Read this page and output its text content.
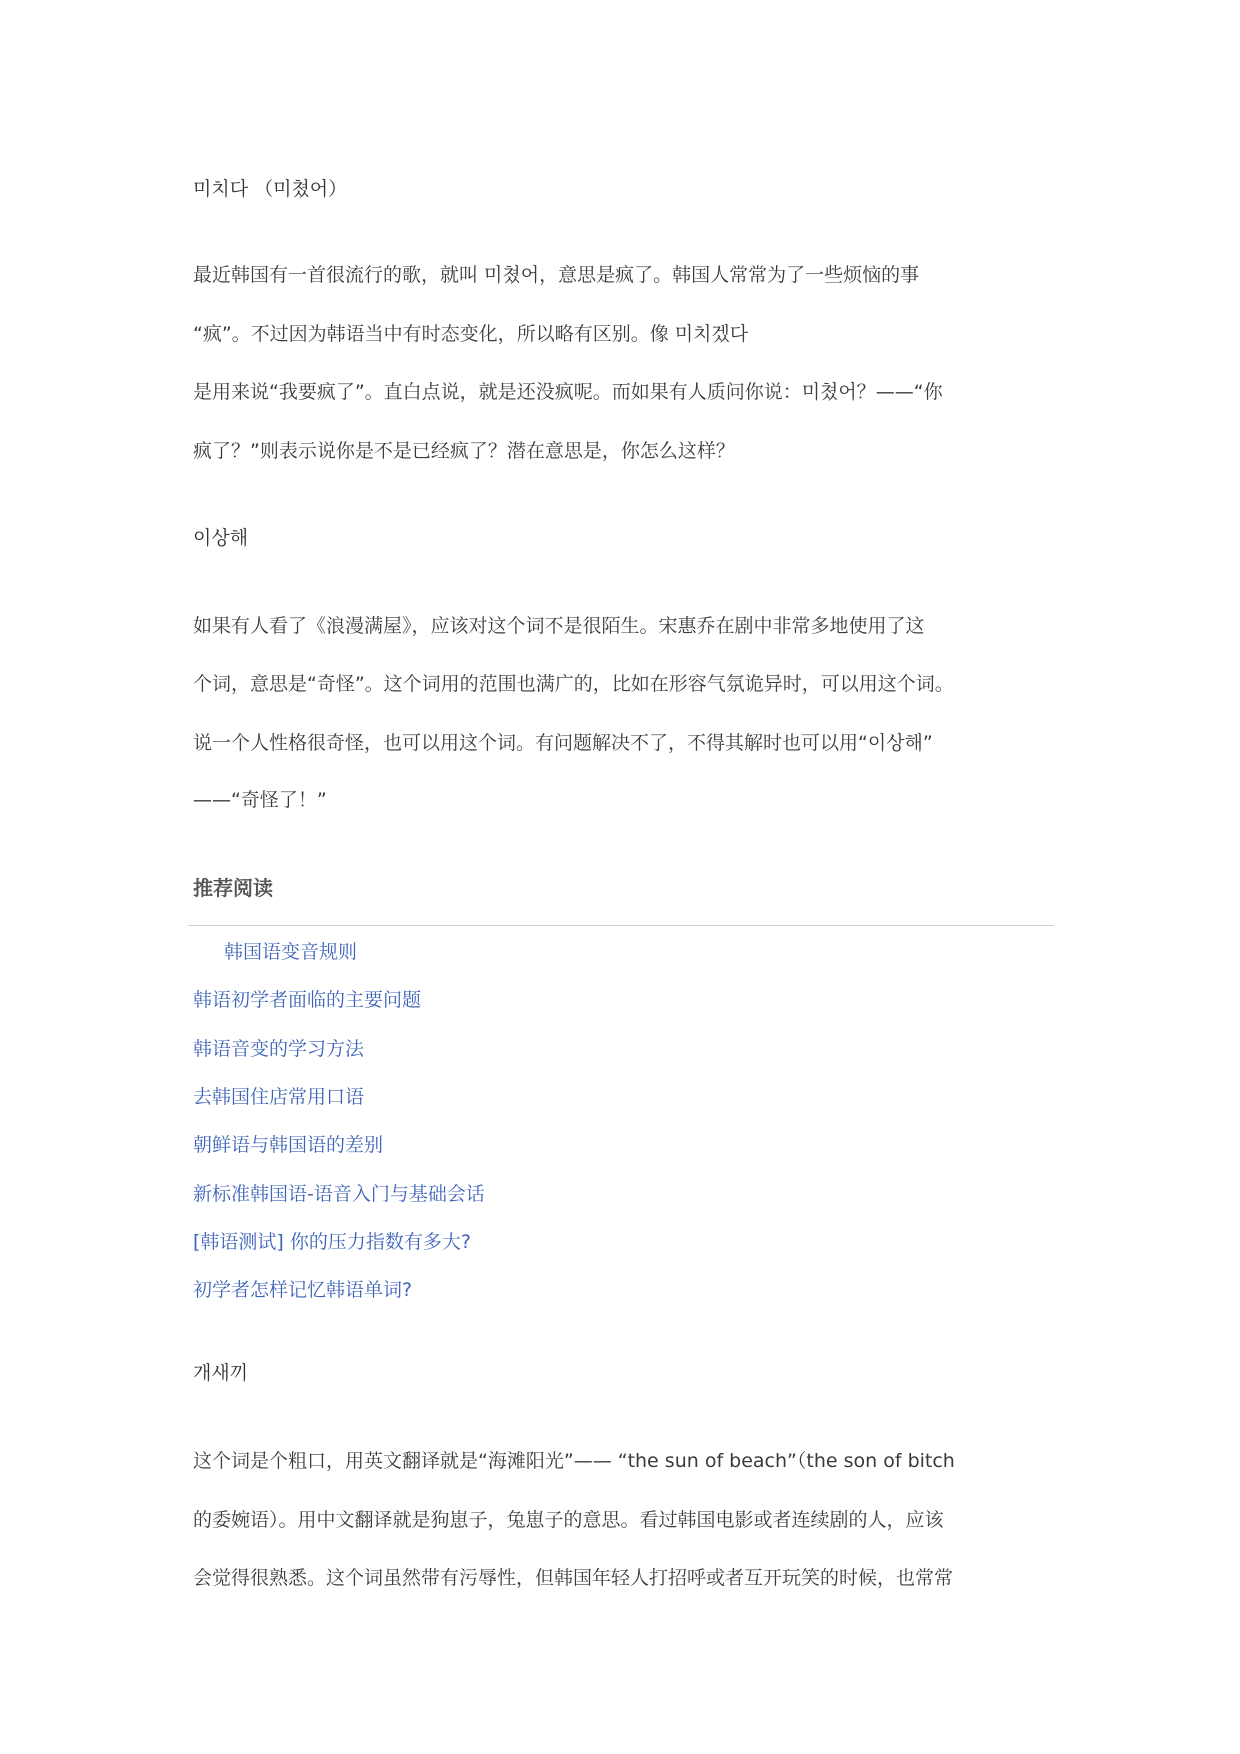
미치다 （미쳤어）
最近韩国有一首很流行的歌，就叫 미쳤어，意思是疯了。韩国人常常为了一些烦恼的事
“疯”。不过因为韩语当中有时态变化，所以略有区别。像 미치겠다
是用来说“我要疯了”。直白点说，就是还没疯呢。而如果有人质问你说：미쳤어？——“你
疯了？”则表示说你是不是已经疯了？潜在意思是，你怎么这样？
이상해
如果有人看了《浪漫满屋》，应该对这个词不是很陌生。宋惠乔在剧中非常多地使用了这
个词，意思是“奇怪”。这个词用的范围也满广的，比如在形容气氛诡异时，可以用这个词。
说一个人性格很奇怪，也可以用这个词。有问题解决不了，不得其解时也可以用“이상해”
——“奇怪了！”
推荐阅读
韩国语变音规则
韩语初学者面临的主要问题
韩语音变的学习方法
去韩国住店常用口语
朝鲜语与韩国语的差别
新标准韩国语-语音入门与基础会话
[韩语测试] 你的压力指数有多大?
初学者怎样记忆韩语单词?
개새끼
这个词是个粗口，用英文翻译就是“海滩阳光”—— “the sun of beach”（the son of bitch
的委婉语）。用中文翻译就是狗崽子，兔崽子的意思。看过韩国电影或者连续剧的人，应该
会觉得很熟悉。这个词虽然带有污辱性，但韩国年轻人打招呼或者互开玩笑的时候，也常常
